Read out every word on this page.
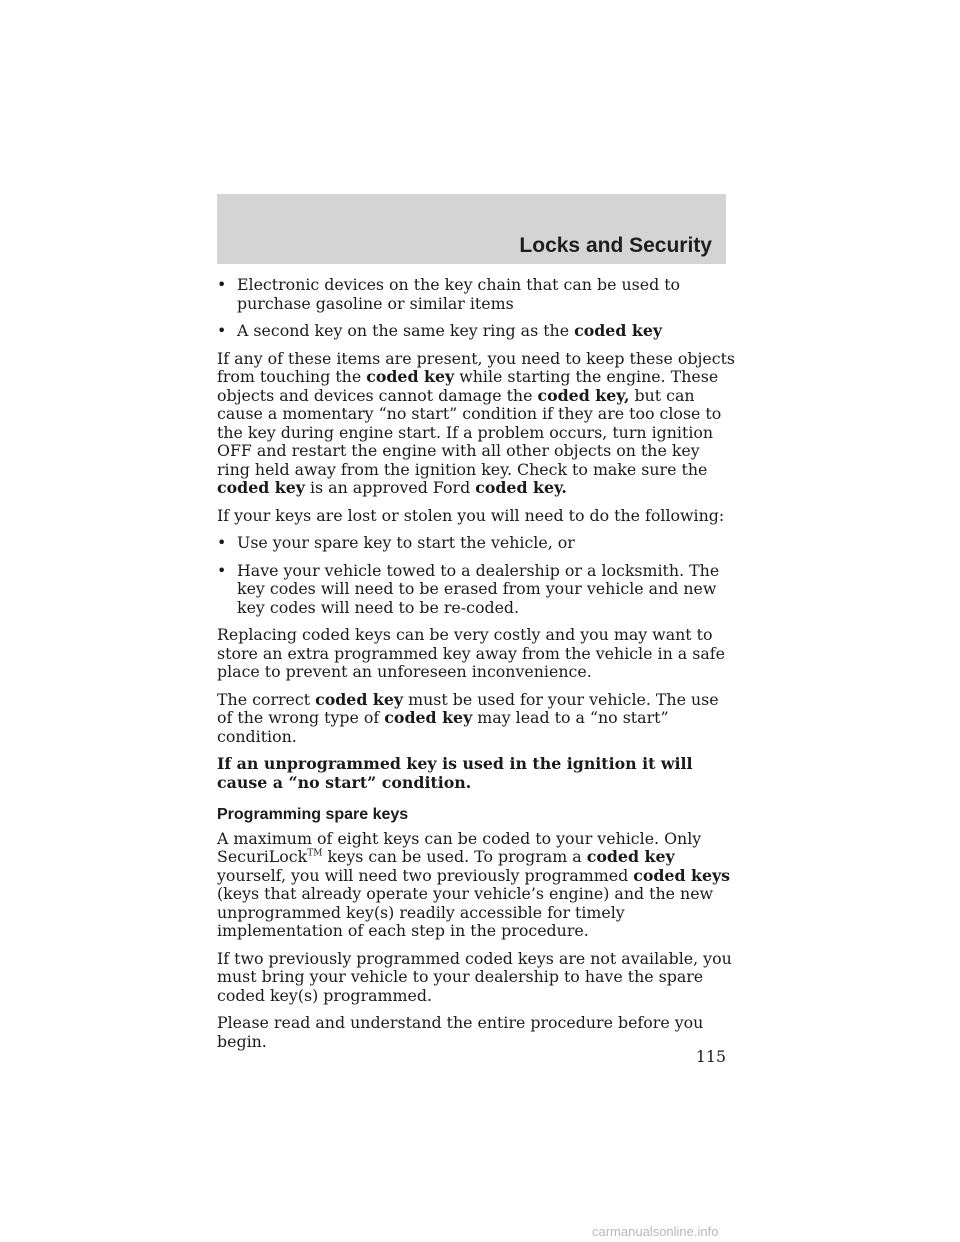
Locks and Security
• Electronic devices on the key chain that can be used to purchase gasoline or similar items
• A second key on the same key ring as the coded key

If any of these items are present, you need to keep these objects from touching the coded key while starting the engine. These objects and devices cannot damage the coded key, but can cause a momentary “no start” condition if they are too close to the key during engine start. If a problem occurs, turn ignition OFF and restart the engine with all other objects on the key ring held away from the ignition key. Check to make sure the coded key is an approved Ford coded key.

If your keys are lost or stolen you will need to do the following:

• Use your spare key to start the vehicle, or
• Have your vehicle towed to a dealership or a locksmith. The key codes will need to be erased from your vehicle and new key codes will need to be re-coded.

Replacing coded keys can be very costly and you may want to store an extra programmed key away from the vehicle in a safe place to prevent an unforeseen inconvenience.

The correct coded key must be used for your vehicle. The use of the wrong type of coded key may lead to a “no start” condition.

If an unprogrammed key is used in the ignition it will cause a “no start” condition.

Programming spare keys

A maximum of eight keys can be coded to your vehicle. Only SecuriLock™ keys can be used. To program a coded key yourself, you will need two previously programmed coded keys (keys that already operate your vehicle’s engine) and the new unprogrammed key(s) readily accessible for timely implementation of each step in the procedure.

If two previously programmed coded keys are not available, you must bring your vehicle to your dealership to have the spare coded key(s) programmed.

Please read and understand the entire procedure before you begin.

115
carmanualsonline.info
